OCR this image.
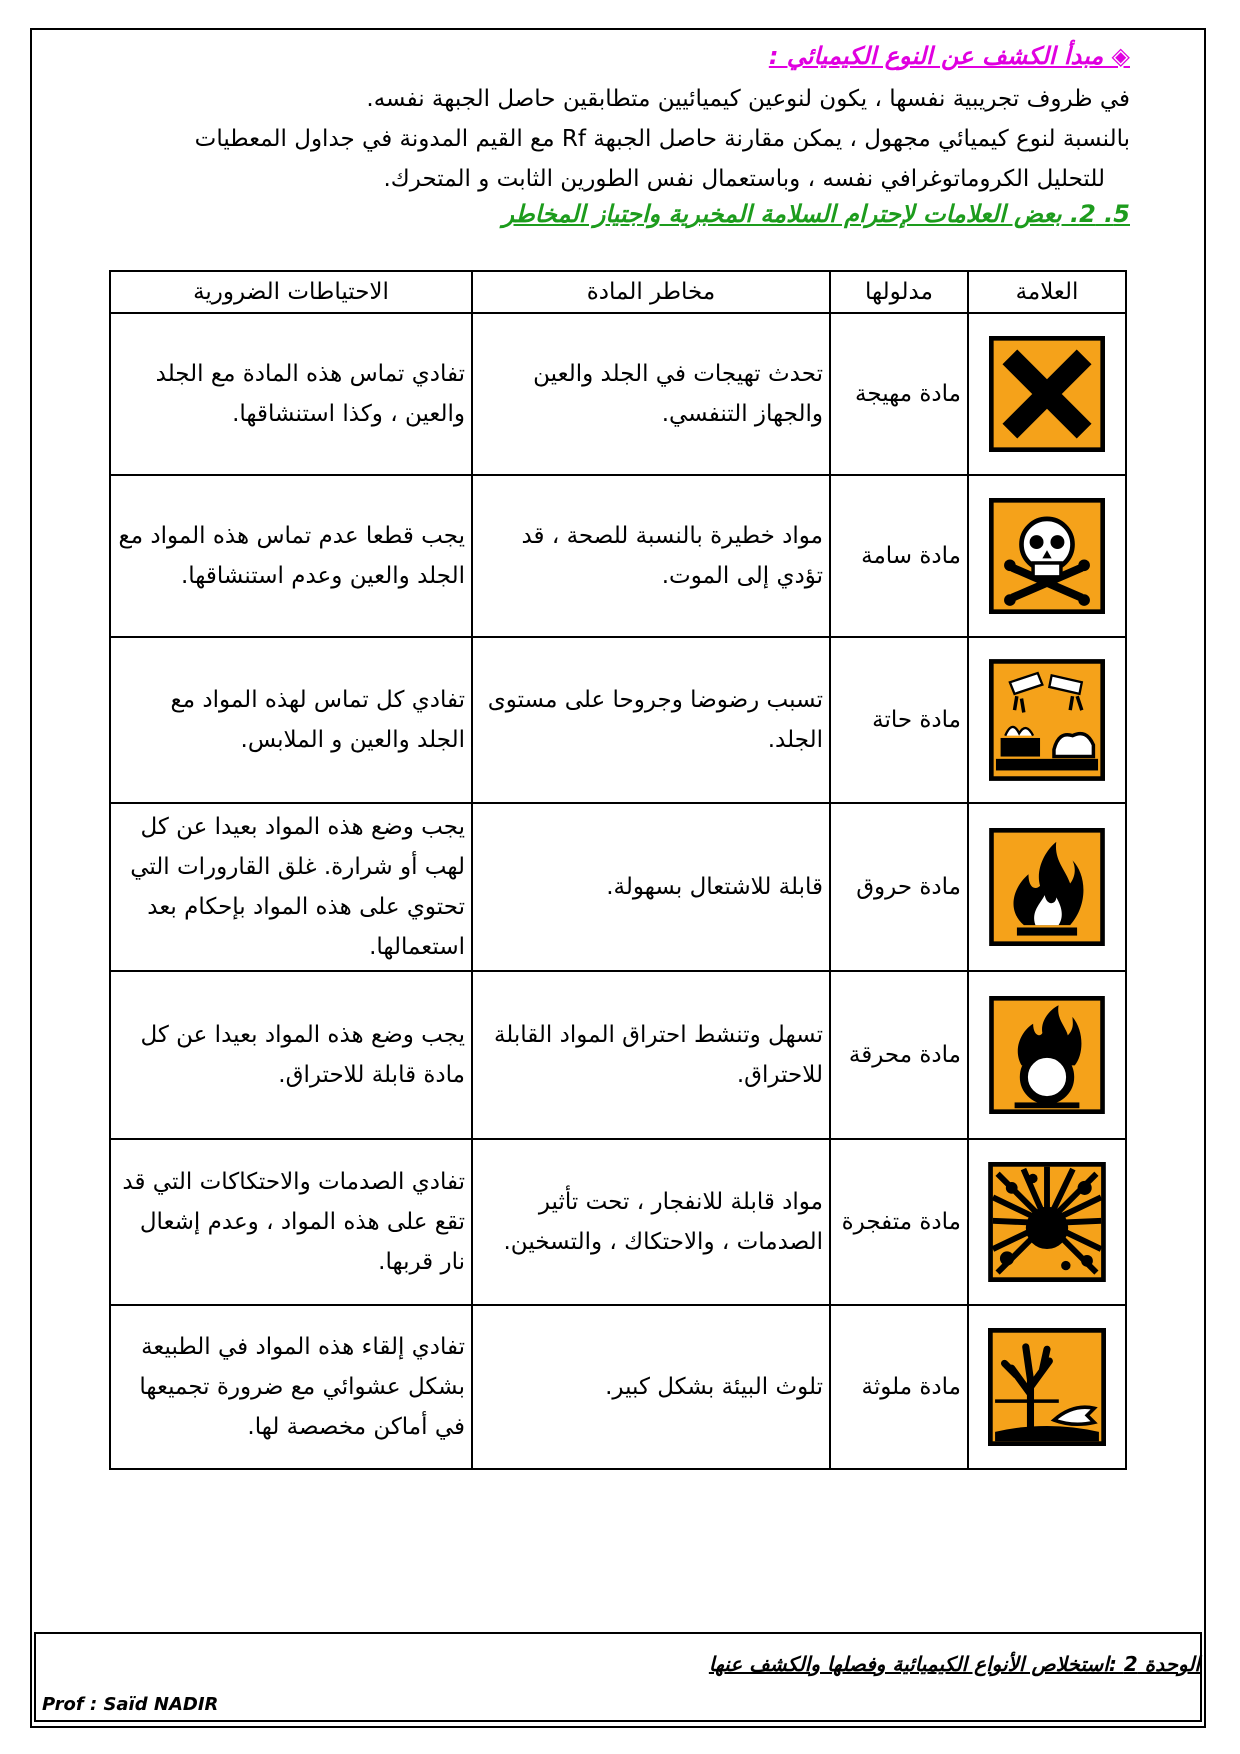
◈ مبدأ الكشف عن النوع الكيميائي :
في ظروف تجريبية نفسها ، يكون لنوعين كيميائيين متطابقين حاصل الجبهة نفسه.
بالنسبة لنوع كيميائي مجهول ، يمكن مقارنة حاصل الجبهة Rf مع القيم المدونة في جداول المعطيات
للتحليل الكروماتوغرافي نفسه ، وباستعمال نفس الطورين الثابت و المتحرك.
5. 2. بعض العلامات لإحترام السلامة المخبرية واجتياز المخاطر
العلامة	مدلولها	مخاطر المادة	الاحتياطات الضرورية

	مادة مهيجة	تحدث تهيجات في الجلد والعين والجهاز التنفسي.	تفادي تماس هذه المادة مع الجلد والعين ، وكذا استنشاقها.

	مادة سامة	مواد خطيرة بالنسبة للصحة ، قد تؤدي إلى الموت.	يجب قطعا عدم تماس هذه المواد مع الجلد والعين وعدم استنشاقها.

	مادة حاتة	تسبب رضوضا وجروحا على مستوى الجلد.	تفادي كل تماس لهذه المواد مع الجلد والعين و الملابس.

	مادة حروق	قابلة للاشتعال بسهولة.	يجب وضع هذه المواد بعيدا عن كل لهب أو شرارة. غلق القارورات التي تحتوي على هذه المواد بإحكام بعد استعمالها.

	مادة محرقة	تسهل وتنشط احتراق المواد القابلة للاحتراق.	يجب وضع هذه المواد بعيدا عن كل مادة قابلة للاحتراق.

	مادة متفجرة	مواد قابلة للانفجار ، تحت تأثير الصدمات ، والاحتكاك ، والتسخين.	تفادي الصدمات والاحتكاكات التي قد تقع على هذه المواد ، وعدم إشعال نار قربها.

	مادة ملوثة	تلوث البيئة بشكل كبير.	تفادي إلقاء هذه المواد في الطبيعة بشكل عشوائي مع ضرورة تجميعها في أماكن مخصصة لها.
الوحدة 2 :استخلاص الأنواع الكيميائية وفصلها والكشف عنها
Prof : Saïd NADIR
